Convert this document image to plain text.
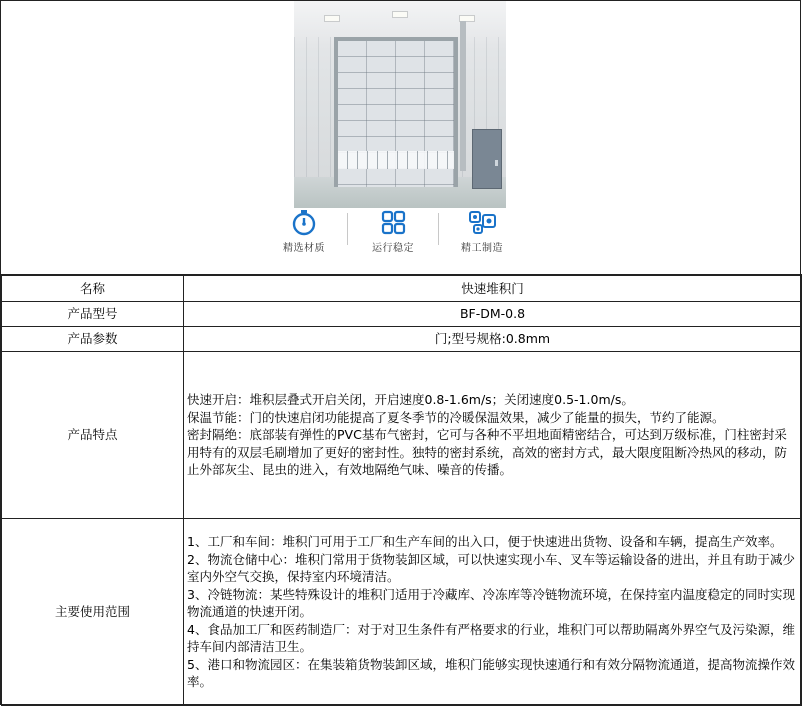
精选材质	运行稳定	精工制造
名称	快速堆积门
产品型号	BF-DM-0.8
产品参数	门;型号规格:0.8mm
产品特点	快速开启：堆积层叠式开启关闭，开启速度0.8-1.6m/s；关闭速度0.5-1.0m/s。

保温节能：门的快速启闭功能提高了夏冬季节的冷暖保温效果，减少了能量的损失，节约了能源。

密封隔绝：底部装有弹性的PVC基布气密封，它可与各种不平坦地面精密结合，可达到万级标准，门柱密封采用特有的双层毛刷增加了更好的密封性。独特的密封系统，高效的密封方式，最大限度阻断冷热风的移动，防止外部灰尘、昆虫的进入，有效地隔绝气味、噪音的传播。

主要使用范围	1、工厂和车间：堆积门可用于工厂和生产车间的出入口，便于快速进出货物、设备和车辆，提高生产效率。

2、物流仓储中心：堆积门常用于货物装卸区域，可以快速实现小车、叉车等运输设备的进出，并且有助于减少室内外空气交换，保持室内环境清洁。

3、冷链物流：某些特殊设计的堆积门适用于冷藏库、冷冻库等冷链物流环境，在保持室内温度稳定的同时实现物流通道的快速开闭。

4、食品加工厂和医药制造厂：对于对卫生条件有严格要求的行业，堆积门可以帮助隔离外界空气及污染源，维持车间内部清洁卫生。

5、港口和物流园区：在集装箱货物装卸区域，堆积门能够实现快速通行和有效分隔物流通道，提高物流操作效率。
